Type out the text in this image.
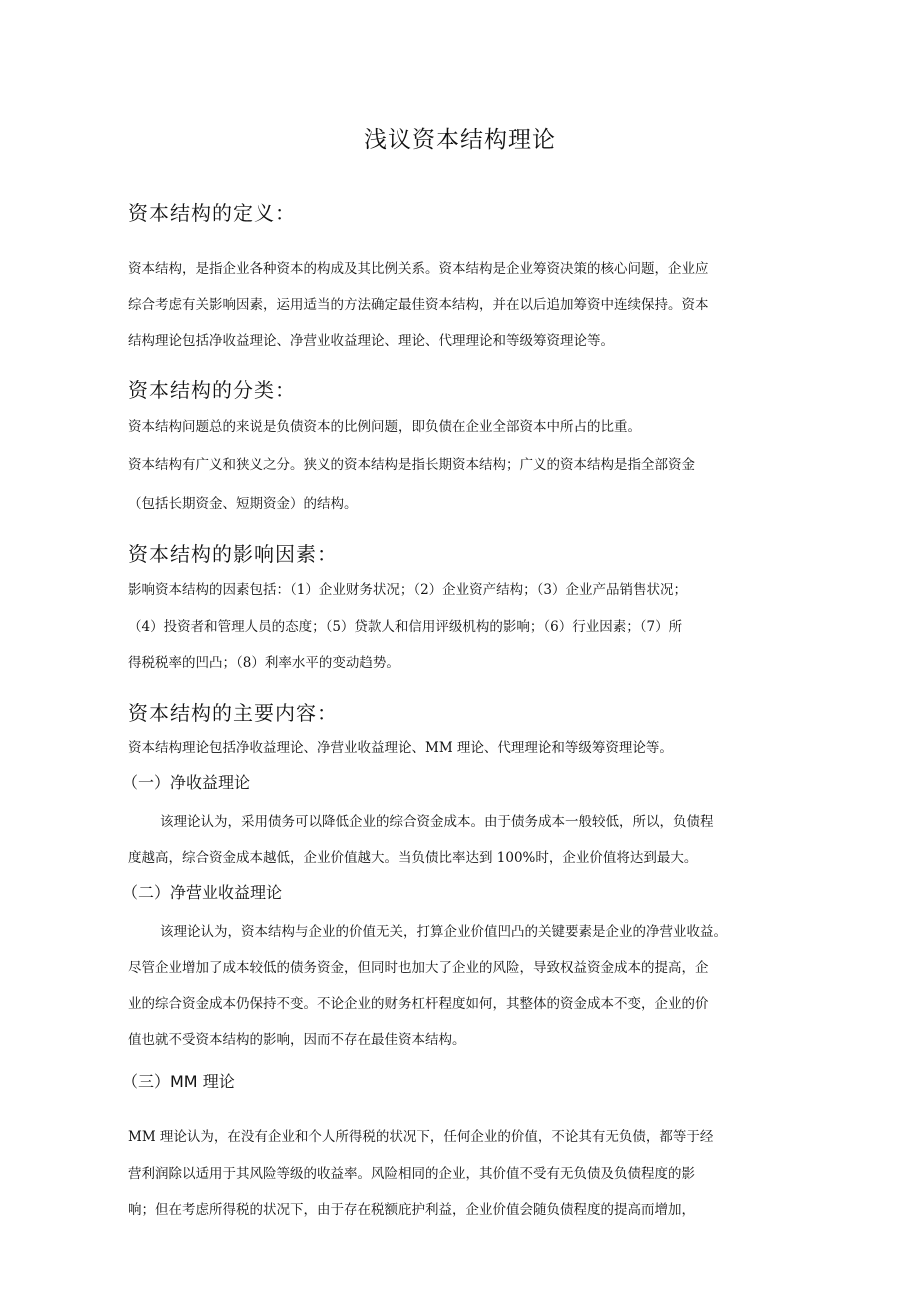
浅议资本结构理论
资本结构的定义：
资本结构，是指企业各种资本的构成及其比例关系。资本结构是企业筹资决策的核心问题，企业应
综合考虑有关影响因素，运用适当的方法确定最佳资本结构，并在以后追加筹资中连续保持。资本
结构理论包括净收益理论、净营业收益理论、理论、代理理论和等级筹资理论等。
资本结构的分类：
资本结构问题总的来说是负债资本的比例问题，即负债在企业全部资本中所占的比重。
资本结构有广义和狭义之分。狭义的资本结构是指长期资本结构；广义的资本结构是指全部资金
（包括长期资金、短期资金）的结构。
资本结构的影响因素：
影响资本结构的因素包括：（1）企业财务状况；（2）企业资产结构；（3）企业产品销售状况；
（4）投资者和管理人员的态度；（5）贷款人和信用评级机构的影响；（6）行业因素；（7）所
得税税率的凹凸；（8）利率水平的变动趋势。
资本结构的主要内容：
资本结构理论包括净收益理论、净营业收益理论、MM 理论、代理理论和等级筹资理论等。
（一）净收益理论
该理论认为，采用债务可以降低企业的综合资金成本。由于债务成本一般较低，所以，负债程
度越高，综合资金成本越低，企业价值越大。当负债比率达到 100%时，企业价值将达到最大。
（二）净营业收益理论
该理论认为，资本结构与企业的价值无关，打算企业价值凹凸的关键要素是企业的净营业收益。
尽管企业增加了成本较低的债务资金，但同时也加大了企业的风险，导致权益资金成本的提高，企
业的综合资金成本仍保持不变。不论企业的财务杠杆程度如何，其整体的资金成本不变，企业的价
值也就不受资本结构的影响，因而不存在最佳资本结构。
（三）MM 理论
MM 理论认为，在没有企业和个人所得税的状况下，任何企业的价值，不论其有无负债，都等于经
营利润除以适用于其风险等级的收益率。风险相同的企业，其价值不受有无负债及负债程度的影
响；但在考虑所得税的状况下，由于存在税额庇护利益，企业价值会随负债程度的提高而增加，
